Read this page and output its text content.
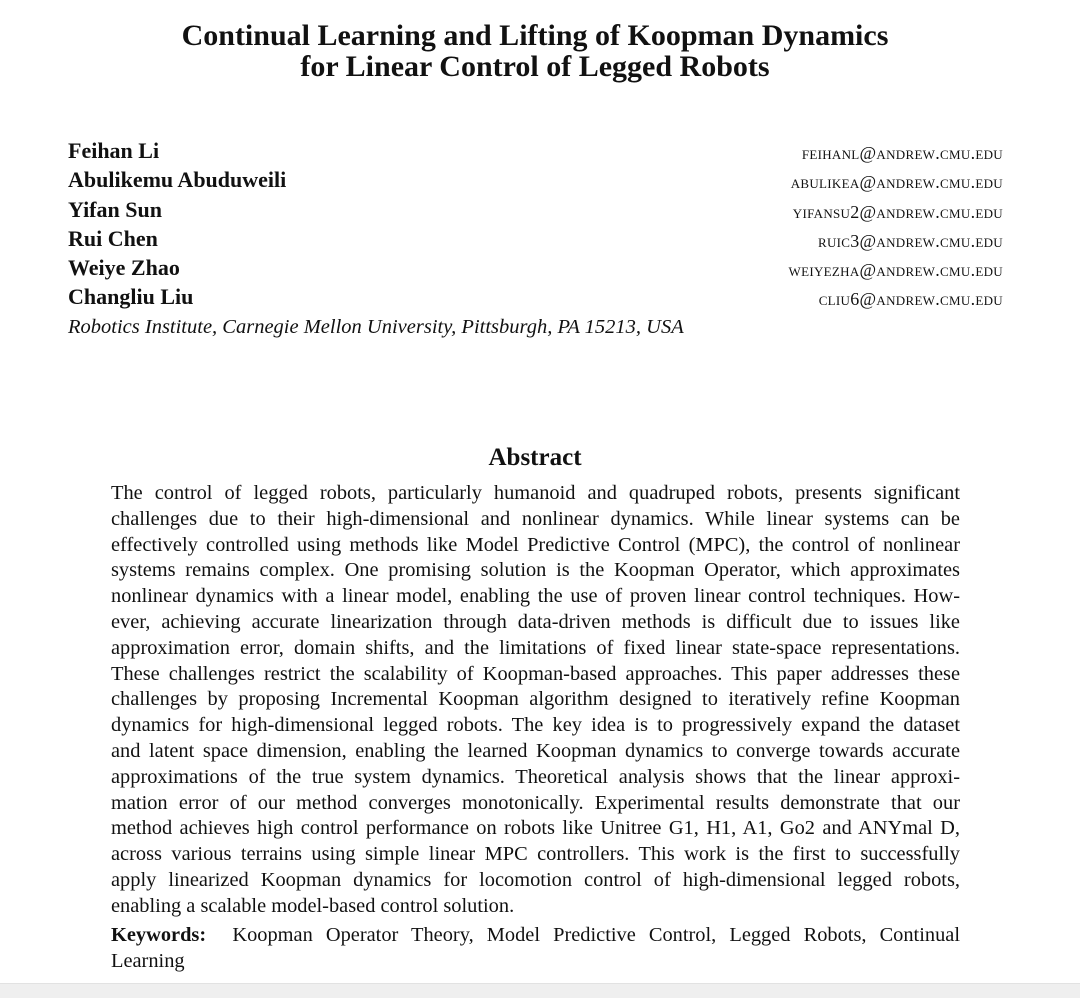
Continual Learning and Lifting of Koopman Dynamics
for Linear Control of Legged Robots
Feihan Li	feihanl@andrew.cmu.edu
Abulikemu Abuduweili	abulikea@andrew.cmu.edu
Yifan Sun	yifansu2@andrew.cmu.edu
Rui Chen	ruic3@andrew.cmu.edu
Weiye Zhao	weiyezha@andrew.cmu.edu
Changliu Liu	cliu6@andrew.cmu.edu
Robotics Institute, Carnegie Mellon University, Pittsburgh, PA 15213, USA
Abstract
The control of legged robots, particularly humanoid and quadruped robots, presents significant
challenges due to their high-dimensional and nonlinear dynamics. While linear systems can be
effectively controlled using methods like Model Predictive Control (MPC), the control of nonlinear
systems remains complex. One promising solution is the Koopman Operator, which approximates
nonlinear dynamics with a linear model, enabling the use of proven linear control techniques. How-
ever, achieving accurate linearization through data-driven methods is difficult due to issues like
approximation error, domain shifts, and the limitations of fixed linear state-space representations.
These challenges restrict the scalability of Koopman-based approaches. This paper addresses these
challenges by proposing Incremental Koopman algorithm designed to iteratively refine Koopman
dynamics for high-dimensional legged robots. The key idea is to progressively expand the dataset
and latent space dimension, enabling the learned Koopman dynamics to converge towards accurate
approximations of the true system dynamics. Theoretical analysis shows that the linear approxi-
mation error of our method converges monotonically. Experimental results demonstrate that our
method achieves high control performance on robots like Unitree G1, H1, A1, Go2 and ANYmal D,
across various terrains using simple linear MPC controllers. This work is the first to successfully
apply linearized Koopman dynamics for locomotion control of high-dimensional legged robots,
enabling a scalable model-based control solution.
Keywords: Koopman Operator Theory, Model Predictive Control, Legged Robots, Continual
Learning
